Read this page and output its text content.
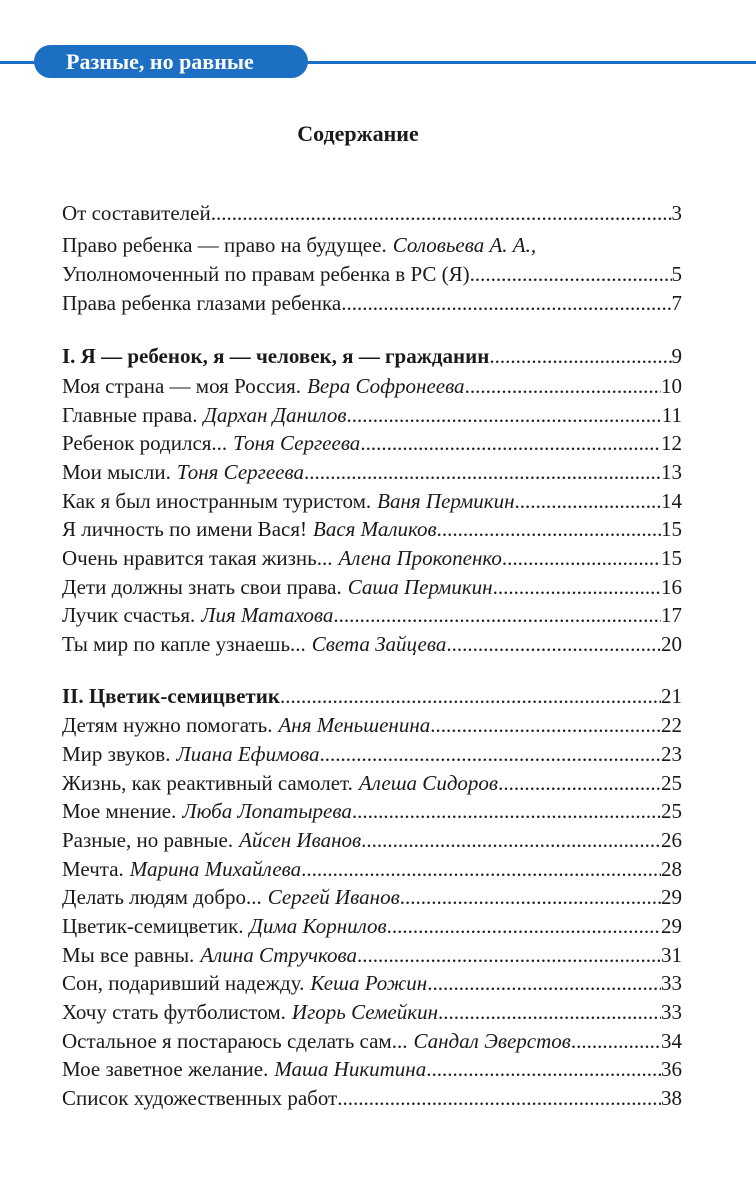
Разные, но равные
Содержание
От составителей .....	3
Право ребенка — право на будущее. Соловьева А. А.,
Уполномоченный по правам ребенка в РС (Я) .....	5
Права ребенка глазами ребенка .....	7
I. Я — ребенок, я — человек, я — гражданин .....	9
Моя страна — моя Россия. Вера Софронеева .....	10
Главные права. Дархан Данилов .....	11
Ребенок родился... Тоня Сергеева .....	12
Мои мысли. Тоня Сергеева .....	13
Как я был иностранным туристом. Ваня Пермикин .....	14
Я личность по имени Вася! Вася Маликов .....	15
Очень нравится такая жизнь... Алена Прокопенко .....	15
Дети должны знать свои права. Саша Пермикин .....	16
Лучик счастья. Лия Матахова .....	17
Ты мир по капле узнаешь... Света Зайцева .....	20
II. Цветик-семицветик .....	21
Детям нужно помогать. Аня Меньшенина .....	22
Мир звуков. Лиана Ефимова .....	23
Жизнь, как реактивный самолет. Алеша Сидоров .....	25
Мое мнение. Люба Лопатырева .....	25
Разные, но равные. Айсен Иванов .....	26
Мечта. Марина Михайлева .....	28
Делать людям добро... Сергей Иванов .....	29
Цветик-семицветик. Дима Корнилов .....	29
Мы все равны. Алина Стручкова .....	31
Сон, подаривший надежду. Кеша Рожин .....	33
Хочу стать футболистом. Игорь Семейкин .....	33
Остальное я постараюсь сделать сам... Сандал Эверстов .....	34
Мое заветное желание. Маша Никитина .....	36
Список художественных работ .....	38
